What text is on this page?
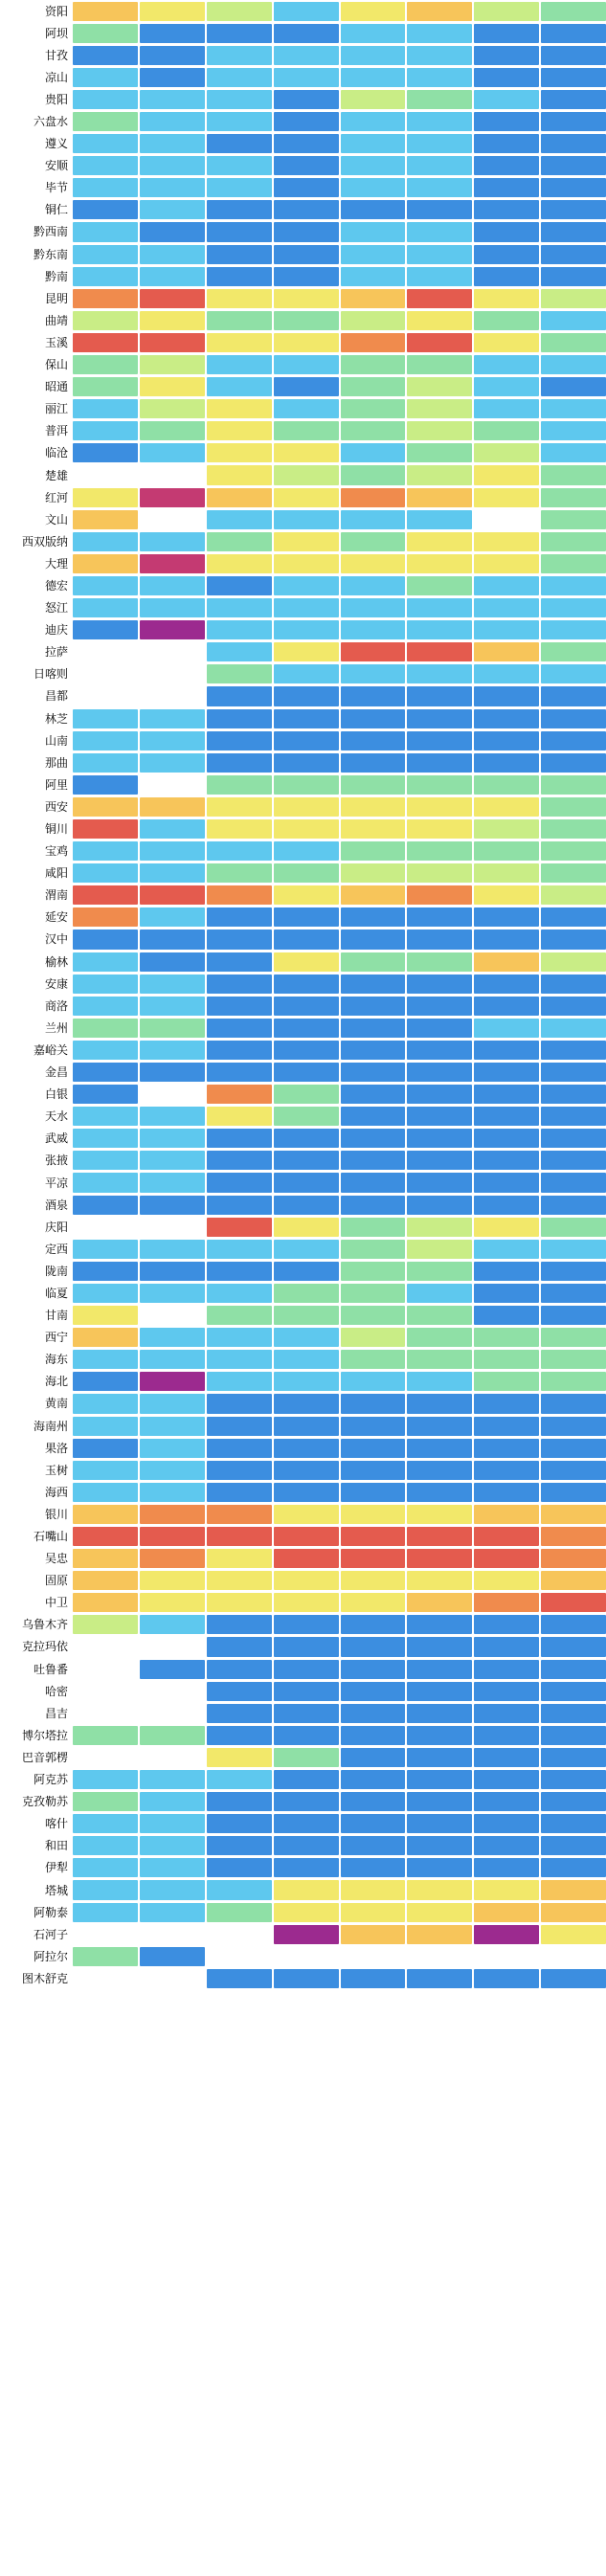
资阳
阿坝
甘孜
凉山
贵阳
六盘水
遵义
安顺
毕节
铜仁
黔西南
黔东南
黔南
昆明
曲靖
玉溪
保山
昭通
丽江
普洱
临沧
楚雄
红河
文山
西双版纳
大理
德宏
怒江
迪庆
拉萨
日喀则
昌都
林芝
山南
那曲
阿里
西安
铜川
宝鸡
咸阳
渭南
延安
汉中
榆林
安康
商洛
兰州
嘉峪关
金昌
白银
天水
武威
张掖
平凉
酒泉
庆阳
定西
陇南
临夏
甘南
西宁
海东
海北
黄南
海南州
果洛
玉树
海西
银川
石嘴山
吴忠
固原
中卫
乌鲁木齐
克拉玛依
吐鲁番
哈密
昌吉
博尔塔拉
巴音郭楞
阿克苏
克孜勒苏
喀什
和田
伊犁
塔城
阿勒泰
石河子
阿拉尔
图木舒克
